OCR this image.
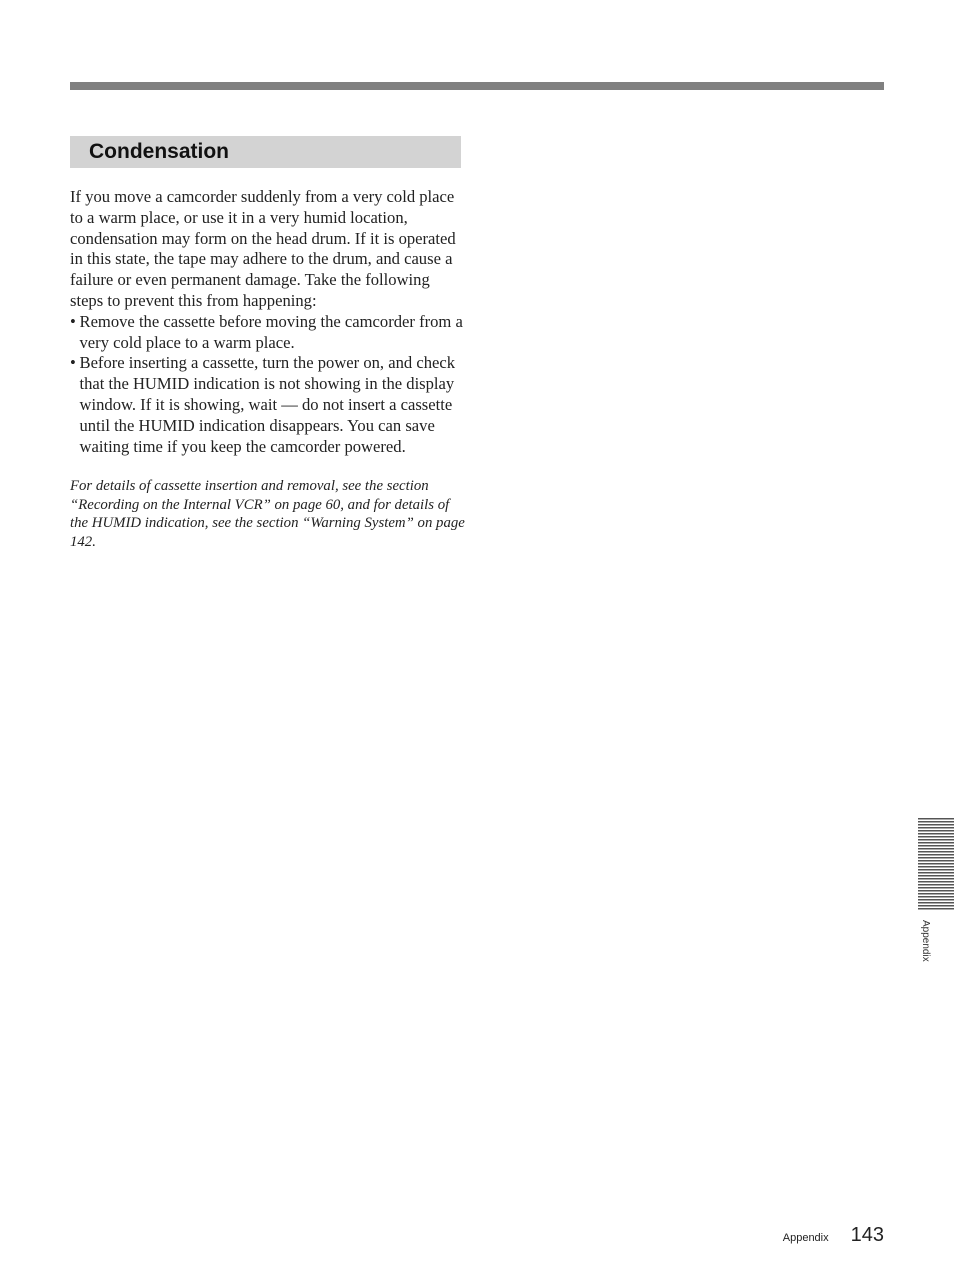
Condensation

If you move a camcorder suddenly from a very cold place to a warm place, or use it in a very humid location, condensation may form on the head drum. If it is operated in this state, the tape may adhere to the drum, and cause a failure or even permanent damage. Take the following steps to prevent this from happening:

• Remove the cassette before moving the camcorder from a very cold place to a warm place.
• Before inserting a cassette, turn the power on, and check that the HUMID indication is not showing in the display window. If it is showing, wait — do not insert a cassette until the HUMID indication disappears. You can save waiting time if you keep the camcorder powered.

For details of cassette insertion and removal, see the section “Recording on the Internal VCR” on page 60, and for details of the HUMID indication, see the section “Warning System” on page 142.

Appendix
Appendix 143
